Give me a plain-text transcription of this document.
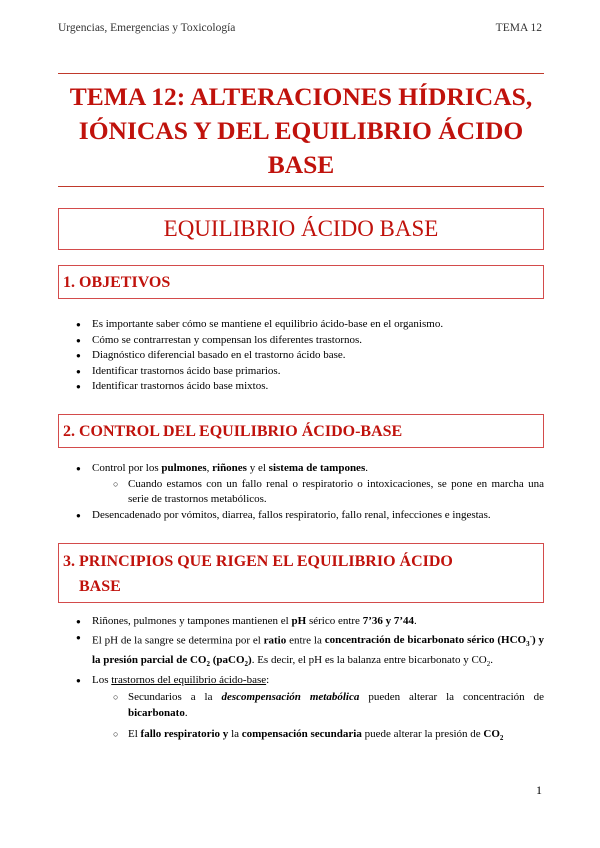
Urgencias, Emergencias y Toxicología	TEMA 12
TEMA 12: ALTERACIONES HÍDRICAS,
IÓNICAS Y DEL EQUILIBRIO ÁCIDO
BASE
EQUILIBRIO ÁCIDO BASE
1. OBJETIVOS
● Es importante saber cómo se mantiene el equilibrio ácido-base en el organismo.
● Cómo se contrarrestan y compensan los diferentes trastornos.
● Diagnóstico diferencial basado en el trastorno ácido base.
● Identificar trastornos ácido base primarios.
● Identificar trastornos ácido base mixtos.
2. CONTROL DEL EQUILIBRIO ÁCIDO-BASE
● Control por los pulmones, riñones y el sistema de tampones.
○ Cuando estamos con un fallo renal o respiratorio o intoxicaciones, se pone en marcha una serie de trastornos metabólicos.
● Desencadenado por vómitos, diarrea, fallos respiratorio, fallo renal, infecciones e ingestas.
3. PRINCIPIOS QUE RIGEN EL EQUILIBRIO ÁCIDO
BASE
● Riñones, pulmones y tampones mantienen el pH sérico entre 7’36 y 7’44.
● El pH de la sangre se determina por el ratio entre la concentración de bicarbonato sérico $(HCO_3^-)$ y la presión parcial de $CO_2$ (paCO$_2$). Es decir, el pH es la balanza entre bicarbonato y $CO_2$.
● Los trastornos del equilibrio ácido-base:
○ Secundarios a la descompensación metabólica pueden alterar la concentración de bicarbonato.
○ El fallo respiratorio y la compensación secundaria puede alterar la presión de $CO_2$
1
